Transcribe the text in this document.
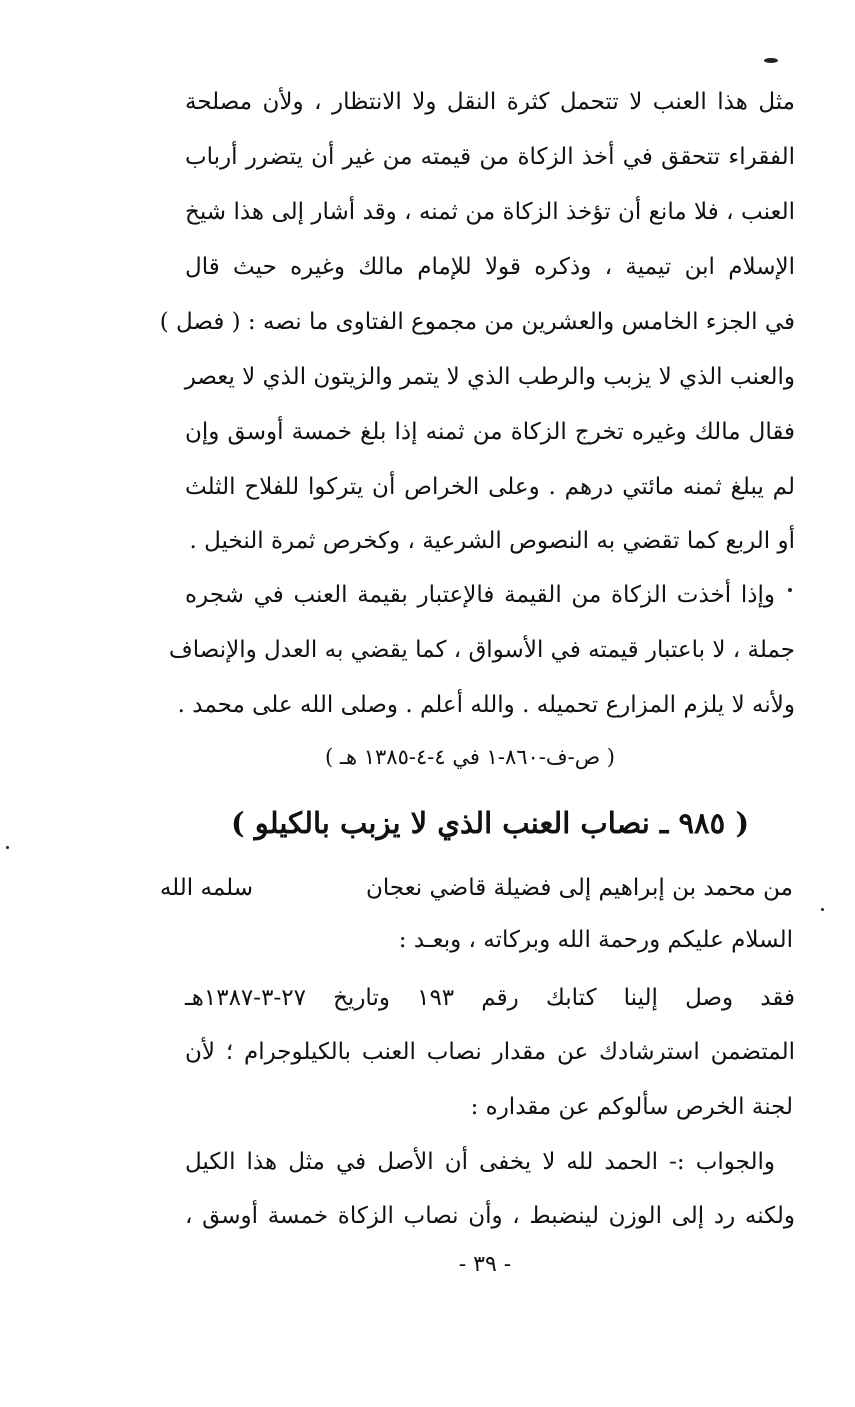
مثل هذا العنب لا تتحمل كثرة النقل ولا الانتظار ، ولأن مصلحة
الفقراء تتحقق في أخذ الزكاة من قيمته من غير أن يتضرر أرباب
العنب ، فلا مانع أن تؤخذ الزكاة من ثمنه ، وقد أشار إلى هذا شيخ
الإسلام ابن تيمية ، وذكره قولا للإمام مالك وغيره حيث قال
في الجزء الخامس والعشرين من مجموع الفتاوى ما نصه : ( فصل )
والعنب الذي لا يزبب والرطب الذي لا يتمر والزيتون الذي لا يعصر
فقال مالك وغيره تخرج الزكاة من ثمنه إذا بلغ خمسة أوسق وإن
لم يبلغ ثمنه مائتي درهم . وعلى الخراص أن يتركوا للفلاح الثلث
أو الربع كما تقضي به النصوص الشرعية ، وكخرص ثمرة النخيل .
وإذا أخذت الزكاة من القيمة فالإعتبار بقيمة العنب في شجره
جملة ، لا باعتبار قيمته في الأسواق ، كما يقضي به العدل والإنصاف
ولأنه لا يلزم المزارع تحميله . والله أعلم . وصلى الله على محمد .
( ص-ف-٨٦٠-١ في ٤-٤-١٣٨٥ هـ )
( ٩٨٥ ـ نصاب العنب الذي لا يزبب بالكيلو )
من محمد بن إبراهيم إلى فضيلة قاضي نعجان
سلمه الله
السلام عليكم ورحمة الله وبركاته ، وبعـد :
فقد وصل إلينا كتابك رقم ١٩٣ وتاريخ ٢٧-٣-١٣٨٧هـ
المتضمن استرشادك عن مقدار نصاب العنب بالكيلوجرام ؛ لأن
لجنة الخرص سألوكم عن مقداره :
والجواب :- الحمد لله لا يخفى أن الأصل في مثل هذا الكيل
ولكنه رد إلى الوزن لينضبط ، وأن نصاب الزكاة خمسة أوسق ،
- ٣٩ -
